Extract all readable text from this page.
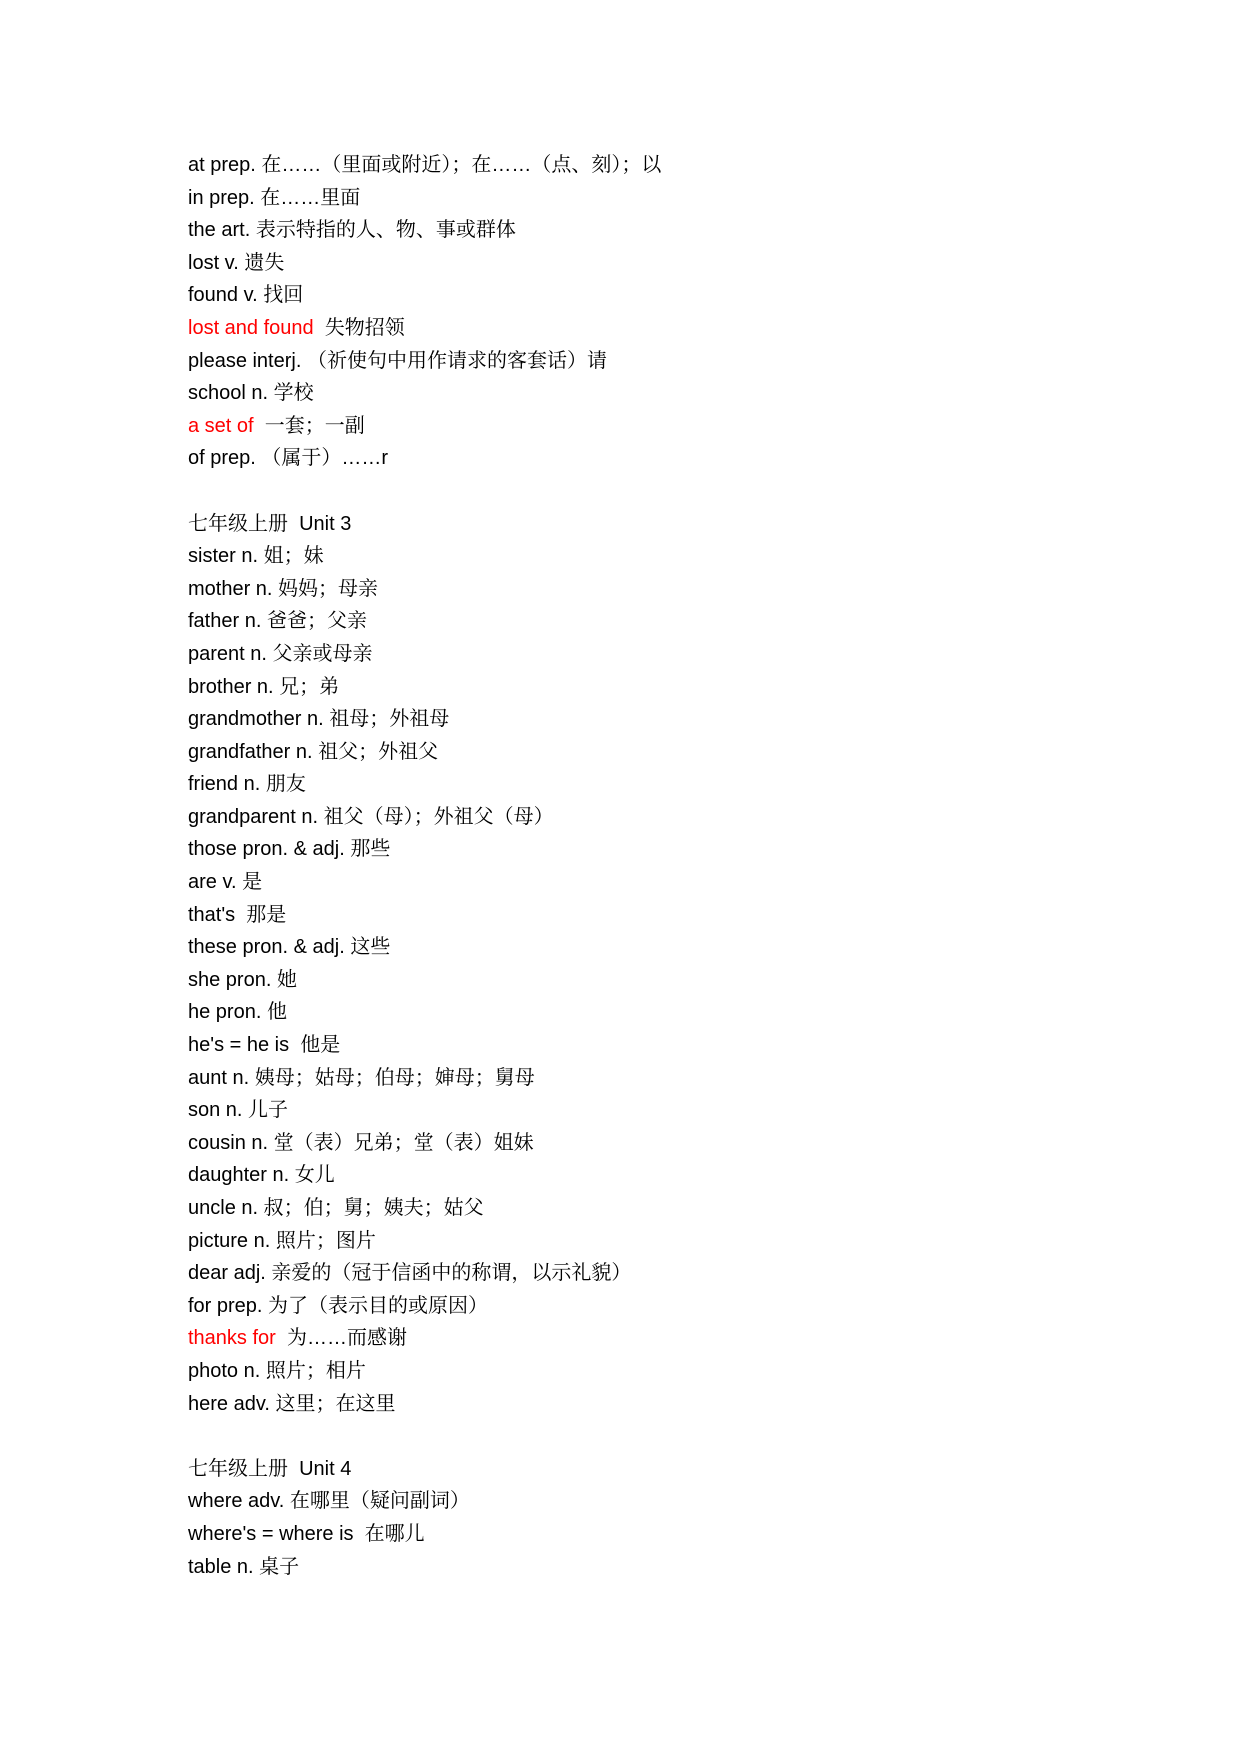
at prep. 在……（里面或附近）；在……（点、刻）；以
in prep. 在……里面
the art. 表示特指的人、物、事或群体
lost v. 遗失
found v. 找回
lost and found  失物招领
please interj. （祈使句中用作请求的客套话）请
school n. 学校
a set of  一套；一副
of prep. （属于）……r
七年级上册  Unit 3
sister n. 姐；妹
mother n. 妈妈；母亲
father n. 爸爸；父亲
parent n. 父亲或母亲
brother n. 兄；弟
grandmother n. 祖母；外祖母
grandfather n. 祖父；外祖父
friend n. 朋友
grandparent n. 祖父（母）；外祖父（母）
those pron. & adj. 那些
are v. 是
that's  那是
these pron. & adj. 这些
she pron. 她
he pron. 他
he's = he is  他是
aunt n. 姨母；姑母；伯母；婶母；舅母
son n. 儿子
cousin n. 堂（表）兄弟；堂（表）姐妹
daughter n. 女儿
uncle n. 叔；伯；舅；姨夫；姑父
picture n. 照片；图片
dear adj. 亲爱的（冠于信函中的称谓，以示礼貌）
for prep. 为了（表示目的或原因）
thanks for  为……而感谢
photo n. 照片；相片
here adv. 这里；在这里
七年级上册  Unit 4
where adv. 在哪里（疑问副词）
where's = where is  在哪儿
table n. 桌子
